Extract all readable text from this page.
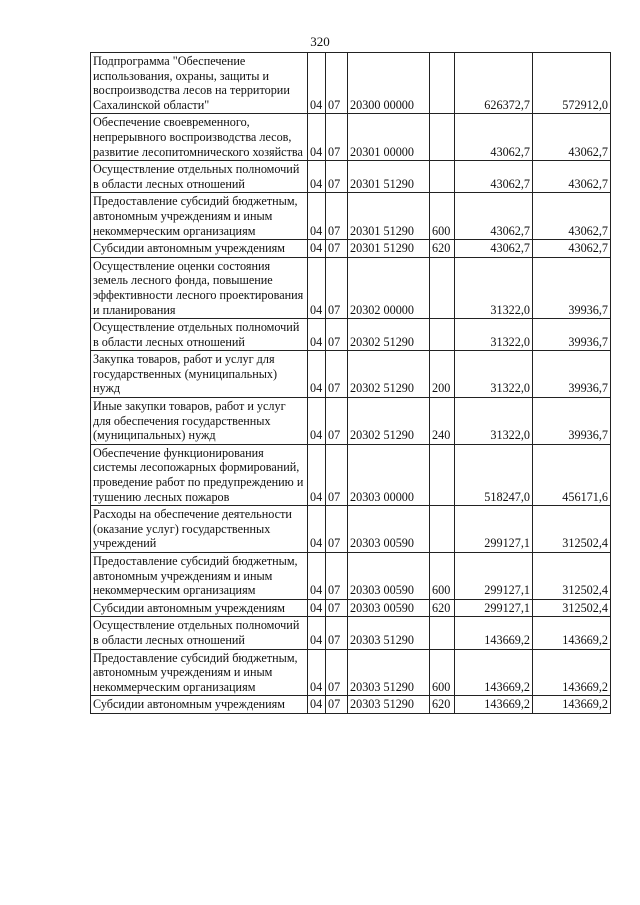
320
Подпрограмма "Обеспечение использования, охраны, защиты и воспроизводства лесов на территории Сахалинской области"	04	07	20300 00000		626372,7	572912,0
Обеспечение своевременного, непрерывного воспроизводства лесов, развитие лесопитомнического хозяйства	04	07	20301 00000		43062,7	43062,7
Осуществление отдельных полномочий в области лесных отношений	04	07	20301 51290		43062,7	43062,7
Предоставление субсидий бюджетным, автономным учреждениям и иным некоммерческим организациям	04	07	20301 51290	600	43062,7	43062,7
Субсидии автономным учреждениям	04	07	20301 51290	620	43062,7	43062,7
Осуществление оценки состояния земель лесного фонда, повышение эффективности лесного проектирования и планирования	04	07	20302 00000		31322,0	39936,7
Осуществление отдельных полномочий в области лесных отношений	04	07	20302 51290		31322,0	39936,7
Закупка товаров, работ и услуг для государственных (муниципальных) нужд	04	07	20302 51290	200	31322,0	39936,7
Иные закупки товаров, работ и услуг для обеспечения государственных (муниципальных) нужд	04	07	20302 51290	240	31322,0	39936,7
Обеспечение функционирования системы лесопожарных формирований, проведение работ по предупреждению и тушению лесных пожаров	04	07	20303 00000		518247,0	456171,6
Расходы на обеспечение деятельности (оказание услуг) государственных учреждений	04	07	20303 00590		299127,1	312502,4
Предоставление субсидий бюджетным, автономным учреждениям и иным некоммерческим организациям	04	07	20303 00590	600	299127,1	312502,4
Субсидии автономным учреждениям	04	07	20303 00590	620	299127,1	312502,4
Осуществление отдельных полномочий в области лесных отношений	04	07	20303 51290		143669,2	143669,2
Предоставление субсидий бюджетным, автономным учреждениям и иным некоммерческим организациям	04	07	20303 51290	600	143669,2	143669,2
Субсидии автономным учреждениям	04	07	20303 51290	620	143669,2	143669,2
